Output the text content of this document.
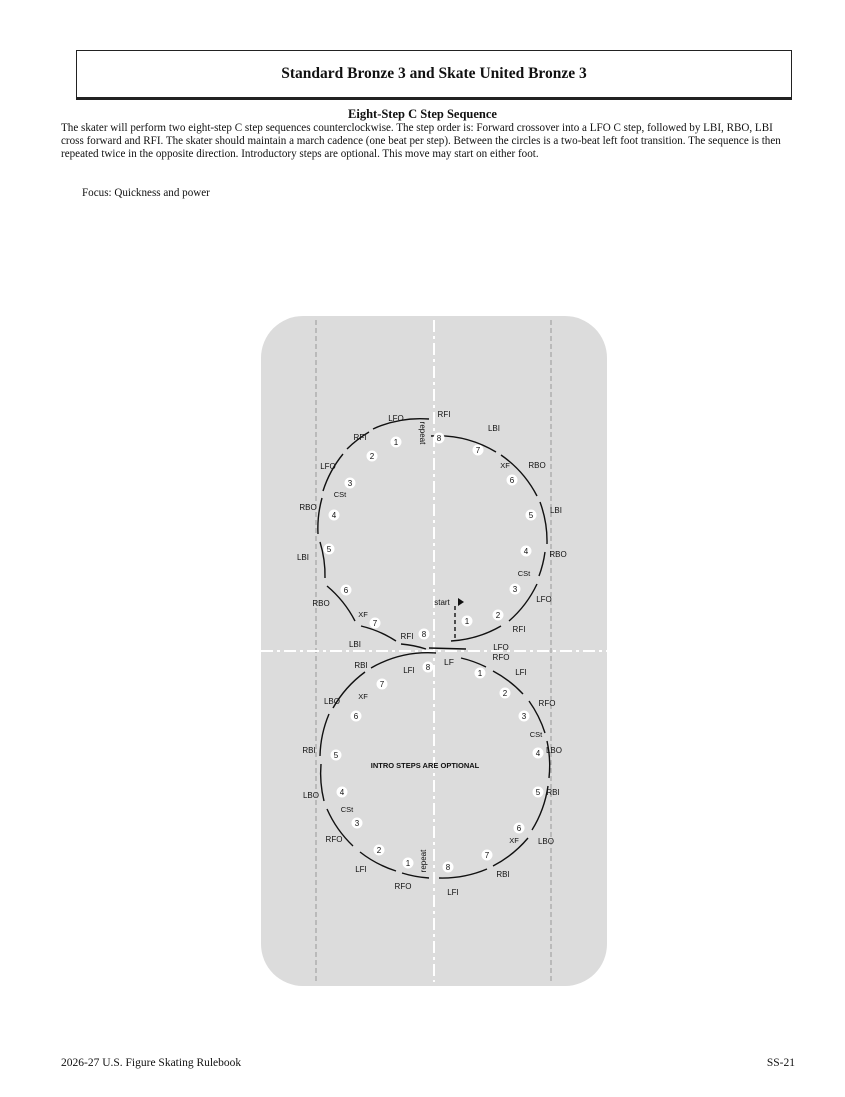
Standard Bronze 3 and Skate United Bronze 3
Eight-Step C Step Sequence

The skater will perform two eight-step C step sequences counterclockwise. The step order is: Forward crossover into a LFO C step, followed by LBI, RBO, LBI cross forward and RFI. The skater should maintain a march cadence (one beat per step). Between the circles is a two-beat left foot transition. The sequence is then repeated twice in the opposite direction. Introductory steps are optional. This move may start on either foot.

Focus: Quickness and power
LFO	RFI
LBI
RBO
LBI
RBO
LFO
RFI
LFO
RFI
LFO
RBO
LBI
RBO
LBI
RFI
RFO
LFI
RFO
LBO
RBI
LBO
RBI
LFI
RFO
LFI
RFO
LBO
RBI
LBO
RBI
LFI
XF
CSt
CSt
XF
CSt
XF
CSt
XF
start
LF
repeat
repeat
INTRO STEPS ARE OPTIONAL
1
2
3
4
5
6
7
8
8
7
6
5
4
3
2
1
8
7
6
5
4
3
2
1
1
2
3
4
5
6
7
8
2026-27 U.S. Figure Skating Rulebook	SS-21
